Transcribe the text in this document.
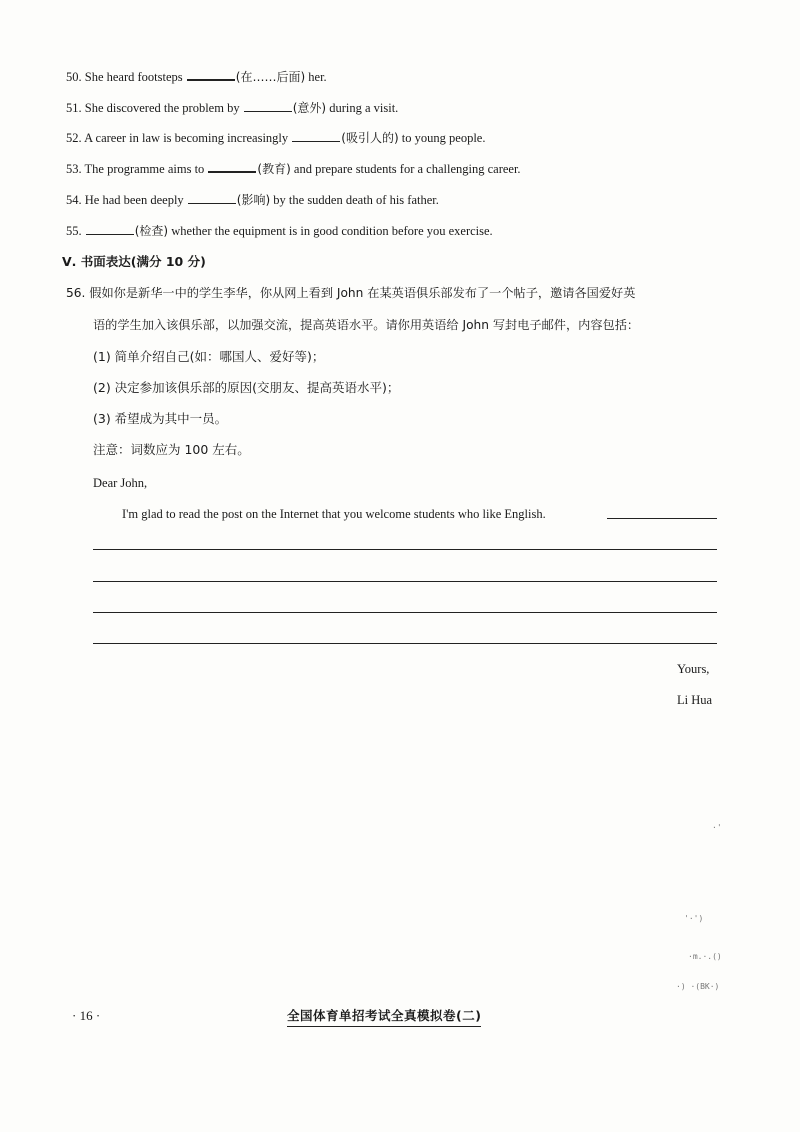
50. She heard footsteps	(在……后面) her.
51. She discovered the problem by	(意外) during a visit.
52. A career in law is becoming increasingly	(吸引人的) to young people.
53. The programme aims to	(教育) and prepare students for a challenging career.
54. He had been deeply	(影响) by the sudden death of his father.
55.	(检查) whether the equipment is in good condition before you exercise.
Ⅴ. 书面表达(满分 10 分)
56. 假如你是新华一中的学生李华，你从网上看到 John 在某英语俱乐部发布了一个帖子，邀请各国爱好英
语的学生加入该俱乐部，以加强交流，提高英语水平。请你用英语给 John 写封电子邮件，内容包括：
(1) 简单介绍自己(如：哪国人、爱好等)；
(2) 决定参加该俱乐部的原因(交朋友、提高英语水平)；
(3) 希望成为其中一员。
注意：词数应为 100 左右。
Dear John,
I'm glad to read the post on the Internet that you welcome students who like English.
Yours,
Li Hua
·'
'·')
·m.·.()
·) ·(BK·)
· 16 ·	全国体育单招考试全真模拟卷(二)
